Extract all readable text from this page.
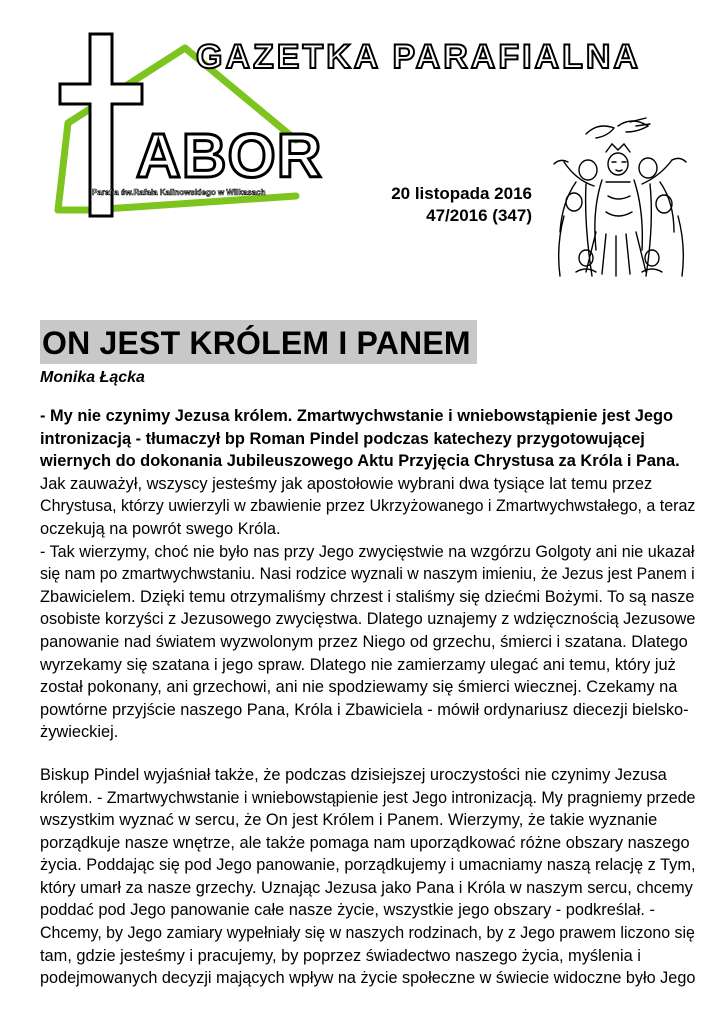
GAZETKA PARAFIALNA
ABOR
Parafia św.Rafała Kalinowskiego w Wilkasach	20 listopada 2016
47/2016 (347)
ON JEST KRÓLEM I PANEM
Monika Łącka
- My nie czynimy Jezusa królem. Zmartwychwstanie i wniebowstąpienie jest Jego
intronizacją - tłumaczył bp Roman Pindel podczas katechezy przygotowującej
wiernych do dokonania Jubileuszowego Aktu Przyjęcia Chrystusa za Króla i Pana.
Jak zauważył, wszyscy jesteśmy jak apostołowie wybrani dwa tysiące lat temu przez
Chrystusa, którzy uwierzyli w zbawienie przez Ukrzyżowanego i Zmartwychwstałego, a teraz
oczekują na powrót swego Króla.
- Tak wierzymy, choć nie było nas przy Jego zwycięstwie na wzgórzu Golgoty ani nie ukazał
się nam po zmartwychwstaniu. Nasi rodzice wyznali w naszym imieniu, że Jezus jest Panem i
Zbawicielem. Dzięki temu otrzymaliśmy chrzest i staliśmy się dziećmi Bożymi. To są nasze
osobiste korzyści z Jezusowego zwycięstwa. Dlatego uznajemy z wdzięcznością Jezusowe
panowanie nad światem wyzwolonym przez Niego od grzechu, śmierci i szatana. Dlatego
wyrzekamy się szatana i jego spraw. Dlatego nie zamierzamy ulegać ani temu, który już
został pokonany, ani grzechowi, ani nie spodziewamy się śmierci wiecznej. Czekamy na
powtórne przyjście naszego Pana, Króla i Zbawiciela - mówił ordynariusz diecezji bielsko-
żywieckiej.
Biskup Pindel wyjaśniał także, że podczas dzisiejszej uroczystości nie czynimy Jezusa
królem. - Zmartwychwstanie i wniebowstąpienie jest Jego intronizacją. My pragniemy przede
wszystkim wyznać w sercu, że On jest Królem i Panem. Wierzymy, że takie wyznanie
porządkuje nasze wnętrze, ale także pomaga nam uporządkować różne obszary naszego
życia. Poddając się pod Jego panowanie, porządkujemy i umacniamy naszą relację z Tym,
który umarł za nasze grzechy. Uznając Jezusa jako Pana i Króla w naszym sercu, chcemy
poddać pod Jego panowanie całe nasze życie, wszystkie jego obszary - podkreślał. -
Chcemy, by Jego zamiary wypełniały się w naszych rodzinach, by z Jego prawem liczono się
tam, gdzie jesteśmy i pracujemy, by poprzez świadectwo naszego życia, myślenia i
podejmowanych decyzji mających wpływ na życie społeczne w świecie widoczne było Jego
